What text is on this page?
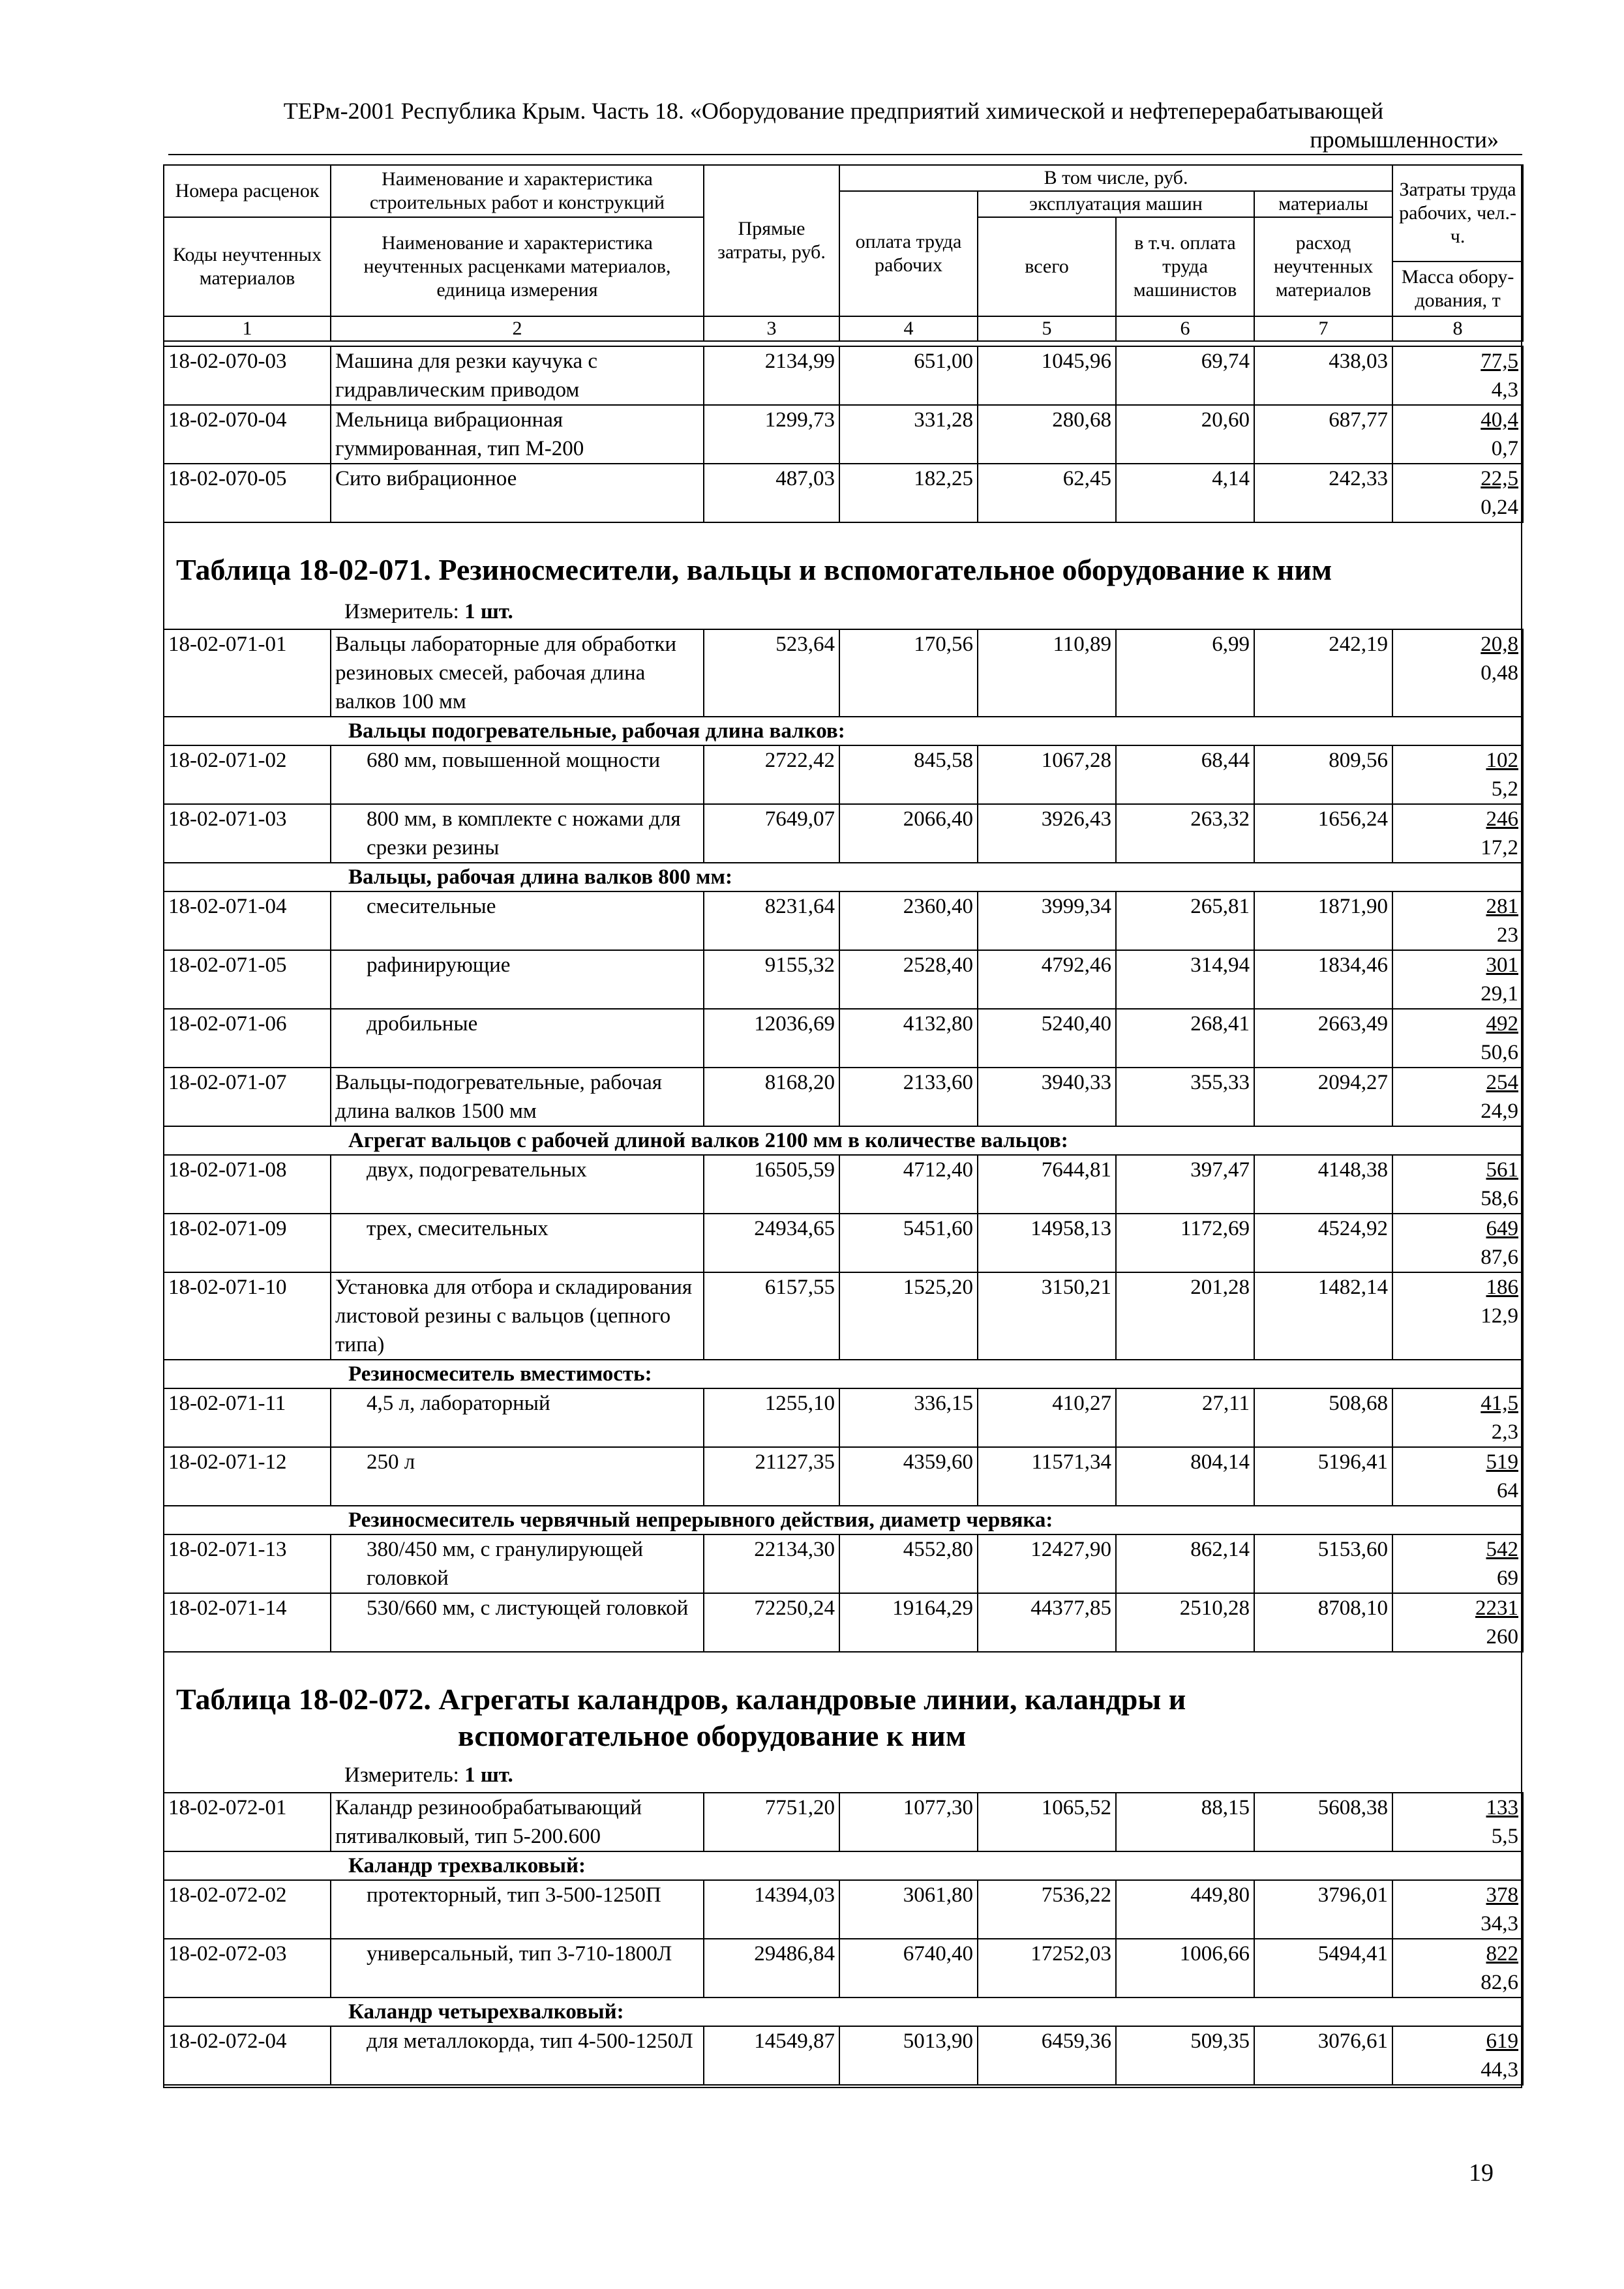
ТЕРм-2001 Республика Крым. Часть 18. «Оборудование предприятий химической и нефтеперерабатывающей
промышленности»
Номера расценок	Наименование и характеристика строительных работ и конструкций	Прямые затраты, руб.	В том числе, руб.				Затраты труда рабочих, чел.-ч.
			оплата труда рабочих	эксплуатация машин		материалы	
Коды неучтенных материалов	Наименование и характеристика неучтенных расценками материалов, единица измерения			всего	в т.ч. оплата труда машинистов	расход неучтенных материалов	
							Масса обору-дования, т
1	2	3	4	5	6	7	8
18-02-070-03	Машина для резки каучука с гидравлическим приводом	2134,99	651,00	1045,96	69,74	438,03	77,5
4,3

18-02-070-04	Мельница вибрационная гуммированная, тип М-200	1299,73	331,28	280,68	20,60	687,77	40,4
0,7

18-02-070-05	Сито вибрационное	487,03	182,25	62,45	4,14	242,33	22,5
0,24
Таблица 18-02-071. Резиносмесители, вальцы и вспомогательное оборудование к ним
Измеритель: 1 шт.
18-02-071-01	Вальцы лабораторные для обработки резиновых смесей, рабочая длина валков 100 мм	523,64	170,56	110,89	6,99	242,19	20,8
0,48

Вальцы подогревательные, рабочая длина валков:							
18-02-071-02	680 мм, повышенной мощности	2722,42	845,58	1067,28	68,44	809,56	102
5,2

18-02-071-03	800 мм, в комплекте с ножами для срезки резины	7649,07	2066,40	3926,43	263,32	1656,24	246
17,2

Вальцы, рабочая длина валков 800 мм:							
18-02-071-04	смесительные	8231,64	2360,40	3999,34	265,81	1871,90	281
23

18-02-071-05	рафинирующие	9155,32	2528,40	4792,46	314,94	1834,46	301
29,1

18-02-071-06	дробильные	12036,69	4132,80	5240,40	268,41	2663,49	492
50,6

18-02-071-07	Вальцы-подогревательные, рабочая длина валков 1500 мм	8168,20	2133,60	3940,33	355,33	2094,27	254
24,9

Агрегат вальцов с рабочей длиной валков 2100 мм в количестве вальцов:							
18-02-071-08	двух, подогревательных	16505,59	4712,40	7644,81	397,47	4148,38	561
58,6

18-02-071-09	трех, смесительных	24934,65	5451,60	14958,13	1172,69	4524,92	649
87,6

18-02-071-10	Установка для отбора и складирования листовой резины с вальцов (цепного типа)	6157,55	1525,20	3150,21	201,28	1482,14	186
12,9

Резиносмеситель вместимость:							
18-02-071-11	4,5 л, лабораторный	1255,10	336,15	410,27	27,11	508,68	41,5
2,3

18-02-071-12	250 л	21127,35	4359,60	11571,34	804,14	5196,41	519
64

Резиносмеситель червячный непрерывного действия, диаметр червяка:							
18-02-071-13	380/450 мм, с гранулирующей головкой	22134,30	4552,80	12427,90	862,14	5153,60	542
69

18-02-071-14	530/660 мм, с листующей головкой	72250,24	19164,29	44377,85	2510,28	8708,10	2231
260
Таблица 18-02-072. Агрегаты каландров, каландровые линии, каландры и
вспомогательное оборудование к ним
Измеритель: 1 шт.
18-02-072-01	Каландр резинообрабатывающий пятивалковый, тип 5-200.600	7751,20	1077,30	1065,52	88,15	5608,38	133
5,5

Каландр трехвалковый:							
18-02-072-02	протекторный, тип 3-500-1250П	14394,03	3061,80	7536,22	449,80	3796,01	378
34,3

18-02-072-03	универсальный, тип 3-710-1800Л	29486,84	6740,40	17252,03	1006,66	5494,41	822
82,6

Каландр четырехвалковый:							
18-02-072-04	для металлокорда, тип 4-500-1250Л	14549,87	5013,90	6459,36	509,35	3076,61	619
44,3
19
